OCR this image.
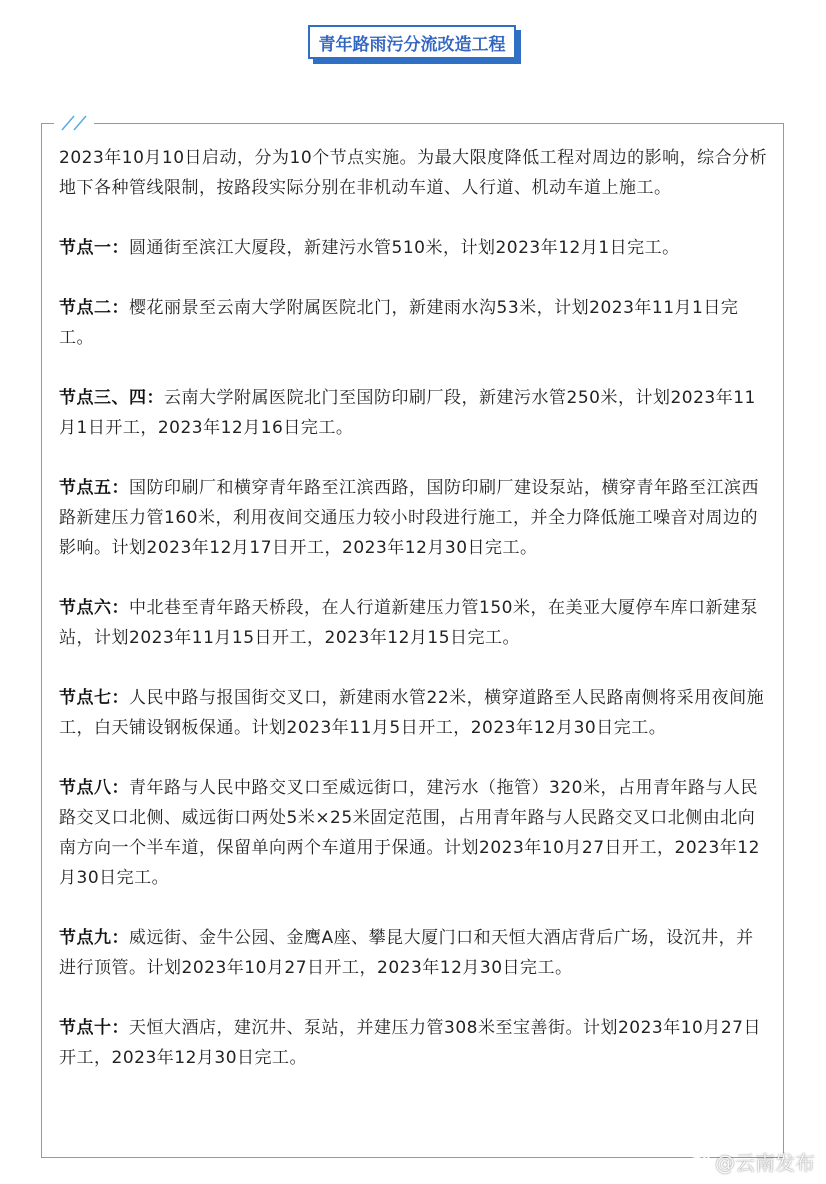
青年路雨污分流改造工程

2023年10月10日启动，分为10个节点实施。为最大限度降低工程对周边的影响，综合分析地下各种管线限制，按路段实际分别在非机动车道、人行道、机动车道上施工。

节点一：圆通街至滨江大厦段，新建污水管510米，计划2023年12月1日完工。

节点二：樱花丽景至云南大学附属医院北门，新建雨水沟53米，计划2023年11月1日完工。

节点三、四：云南大学附属医院北门至国防印刷厂段，新建污水管250米，计划2023年11月1日开工，2023年12月16日完工。

节点五：国防印刷厂和横穿青年路至江滨西路，国防印刷厂建设泵站，横穿青年路至江滨西路新建压力管160米，利用夜间交通压力较小时段进行施工，并全力降低施工噪音对周边的影响。计划2023年12月17日开工，2023年12月30日完工。

节点六：中北巷至青年路天桥段，在人行道新建压力管150米，在美亚大厦停车库口新建泵站，计划2023年11月15日开工，2023年12月15日完工。

节点七：人民中路与报国街交叉口，新建雨水管22米，横穿道路至人民路南侧将采用夜间施工，白天铺设钢板保通。计划2023年11月5日开工，2023年12月30日完工。

节点八：青年路与人民中路交叉口至威远街口，建污水（拖管）320米，占用青年路与人民路交叉口北侧、威远街口两处5米×25米固定范围，占用青年路与人民路交叉口北侧由北向南方向一个半车道，保留单向两个车道用于保通。计划2023年10月27日开工，2023年12月30日完工。

节点九：威远街、金牛公园、金鹰A座、攀昆大厦门口和天恒大酒店背后广场，设沉井，并进行顶管。计划2023年10月27日开工，2023年12月30日完工。

节点十：天恒大酒店，建沉井、泵站，并建压力管308米至宝善街。计划2023年10月27日开工，2023年12月30日完工。

@云南发布
